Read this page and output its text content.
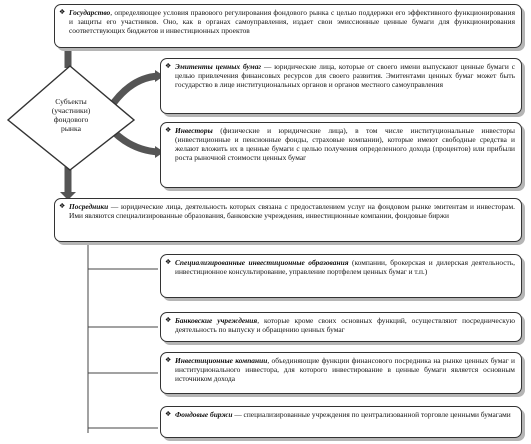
Субъекты
(участники)
фондового
рынка
❖ Государство, определяющее условия правового регулирования фондового рынка с целью поддержки его эффективного функционирования и защиты его участников. Оно, как в органах самоуправления, издает свои эмиссионные ценные бумаги для функционирования соответствующих бюджетов и инвестиционных проектов
❖ Эмитенты ценных бумаг — юридические лица, которые от своего имени выпускают ценные бумаги с целью привлечения финансовых ресурсов для своего развития. Эмитентами ценных бумаг может быть государство в лице институциональных органов и органов местного самоуправления
❖ Инвесторы (физические и юридические лица), в том числе институциональные инвесторы (инвестиционные и пенсионные фонды, страховые компании), которые имеют свободные средства и желают вложить их в ценные бумаги с целью получения определенного дохода (процентов) или прибыли роста рыночной стоимости ценных бумаг
❖ Посредники — юридические лица, деятельность которых связана с предоставлением услуг на фондовом рынке эмитентам и инвесторам. Ими являются специализированные образования, банковские учреждения, инвестиционные компании, фондовые биржи
❖ Специализированные инвестиционные образования (компании, брокерская и дилерская деятельность, инвестиционное консультирование, управление портфелем ценных бумаг и т.п.)
❖ Банковские учреждения, которые кроме своих основных функций, осуществляют посредническую деятельность по выпуску и обращению ценных бумаг
❖ Инвестиционные компании, объединяющие функции финансового посредника на рынке ценных бумаг и институционального инвестора, для которого инвестирование в ценные бумаги является основным источником дохода
❖ Фондовые биржи — специализированные учреждения по централизованной торговле ценными бумагами
